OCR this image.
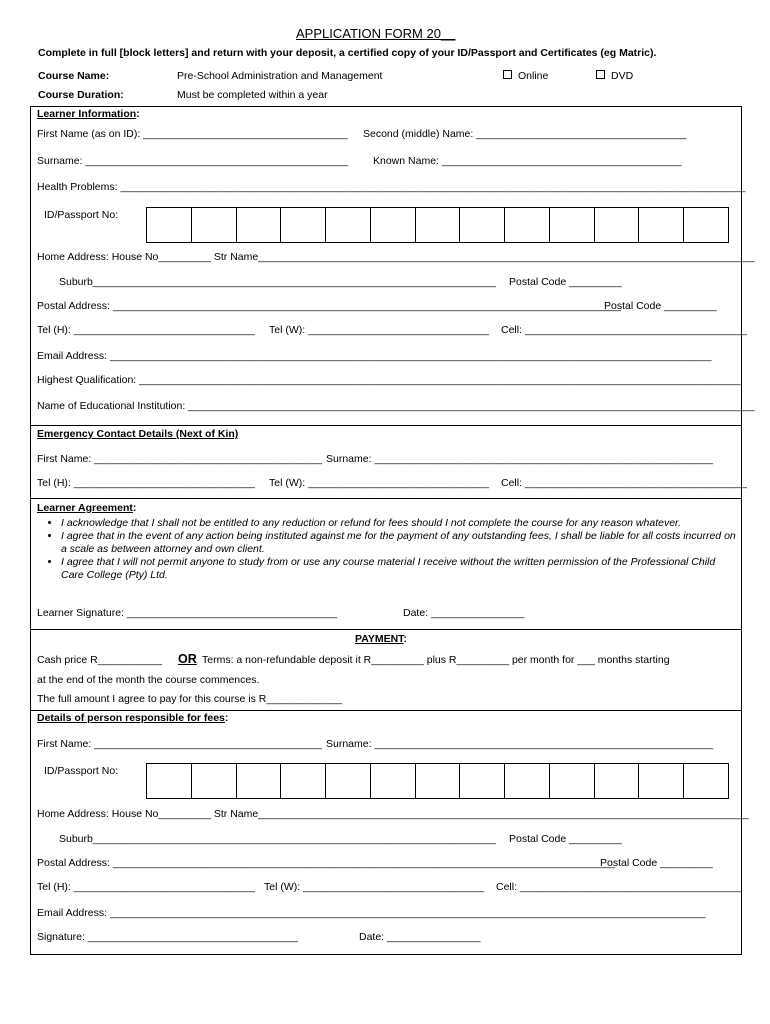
APPLICATION FORM 20__
Complete in full [block letters] and return with your deposit, a certified copy of your ID/Passport and Certificates (eg Matric).
Course Name:	Pre-School Administration and Management	Online	DVD
Course Duration:	Must be completed within a year
Learner Information:
First Name (as on ID): ___________________________________ Second (middle) Name: ____________________________________
Surname: _____________________________________________ Known Name: _________________________________________
Health Problems: ___________________________________________________________________________________________________________
ID/Passport No:
Home Address: House No_________ Str Name_____________________________________________________________________________________
Suburb_____________________________________________________________________ Postal Code _________
Postal Address: _______________________________________________________________________________________
Postal Code _________
Tel (H): _______________________________ Tel (W): _______________________________ Cell: ______________________________________
Email Address: _______________________________________________________________________________________________________
Highest Qualification: _______________________________________________________________________________________________________
Name of Educational Institution: _________________________________________________________________________________________________
Emergency Contact Details (Next of Kin)
First Name: _______________________________________ Surname: __________________________________________________________
Tel (H): _______________________________ Tel (W): _______________________________ Cell: ______________________________________
Learner Agreement:
• I acknowledge that I shall not be entitled to any reduction or refund for fees should I not complete the course for any reason whatever.
• I agree that in the event of any action being instituted against me for the payment of any outstanding fees, I shall be liable for all costs incurred on a scale as between attorney and own client.
• I agree that I will not permit anyone to study from or use any course material I receive without the written permission of the Professional Child Care College (Pty) Ltd.
Learner Signature: ____________________________________	Date: ________________
PAYMENT:
Cash price R___________ OR Terms: a non-refundable deposit it R_________ plus R_________ per month for ___ months starting
at the end of the month the course commences.
The full amount I agree to pay for this course is R_____________
Details of person responsible for fees:
First Name: _______________________________________ Surname: __________________________________________________________
ID/Passport No:
Home Address: House No_________ Str Name____________________________________________________________________________________
Suburb_____________________________________________________________________ Postal Code _________
Postal Address: ______________________________________________________________________________________
Postal Code _________
Tel (H): _______________________________ Tel (W): _______________________________ Cell: ______________________________________
Email Address: ______________________________________________________________________________________________________
Signature: ____________________________________	Date: ________________
